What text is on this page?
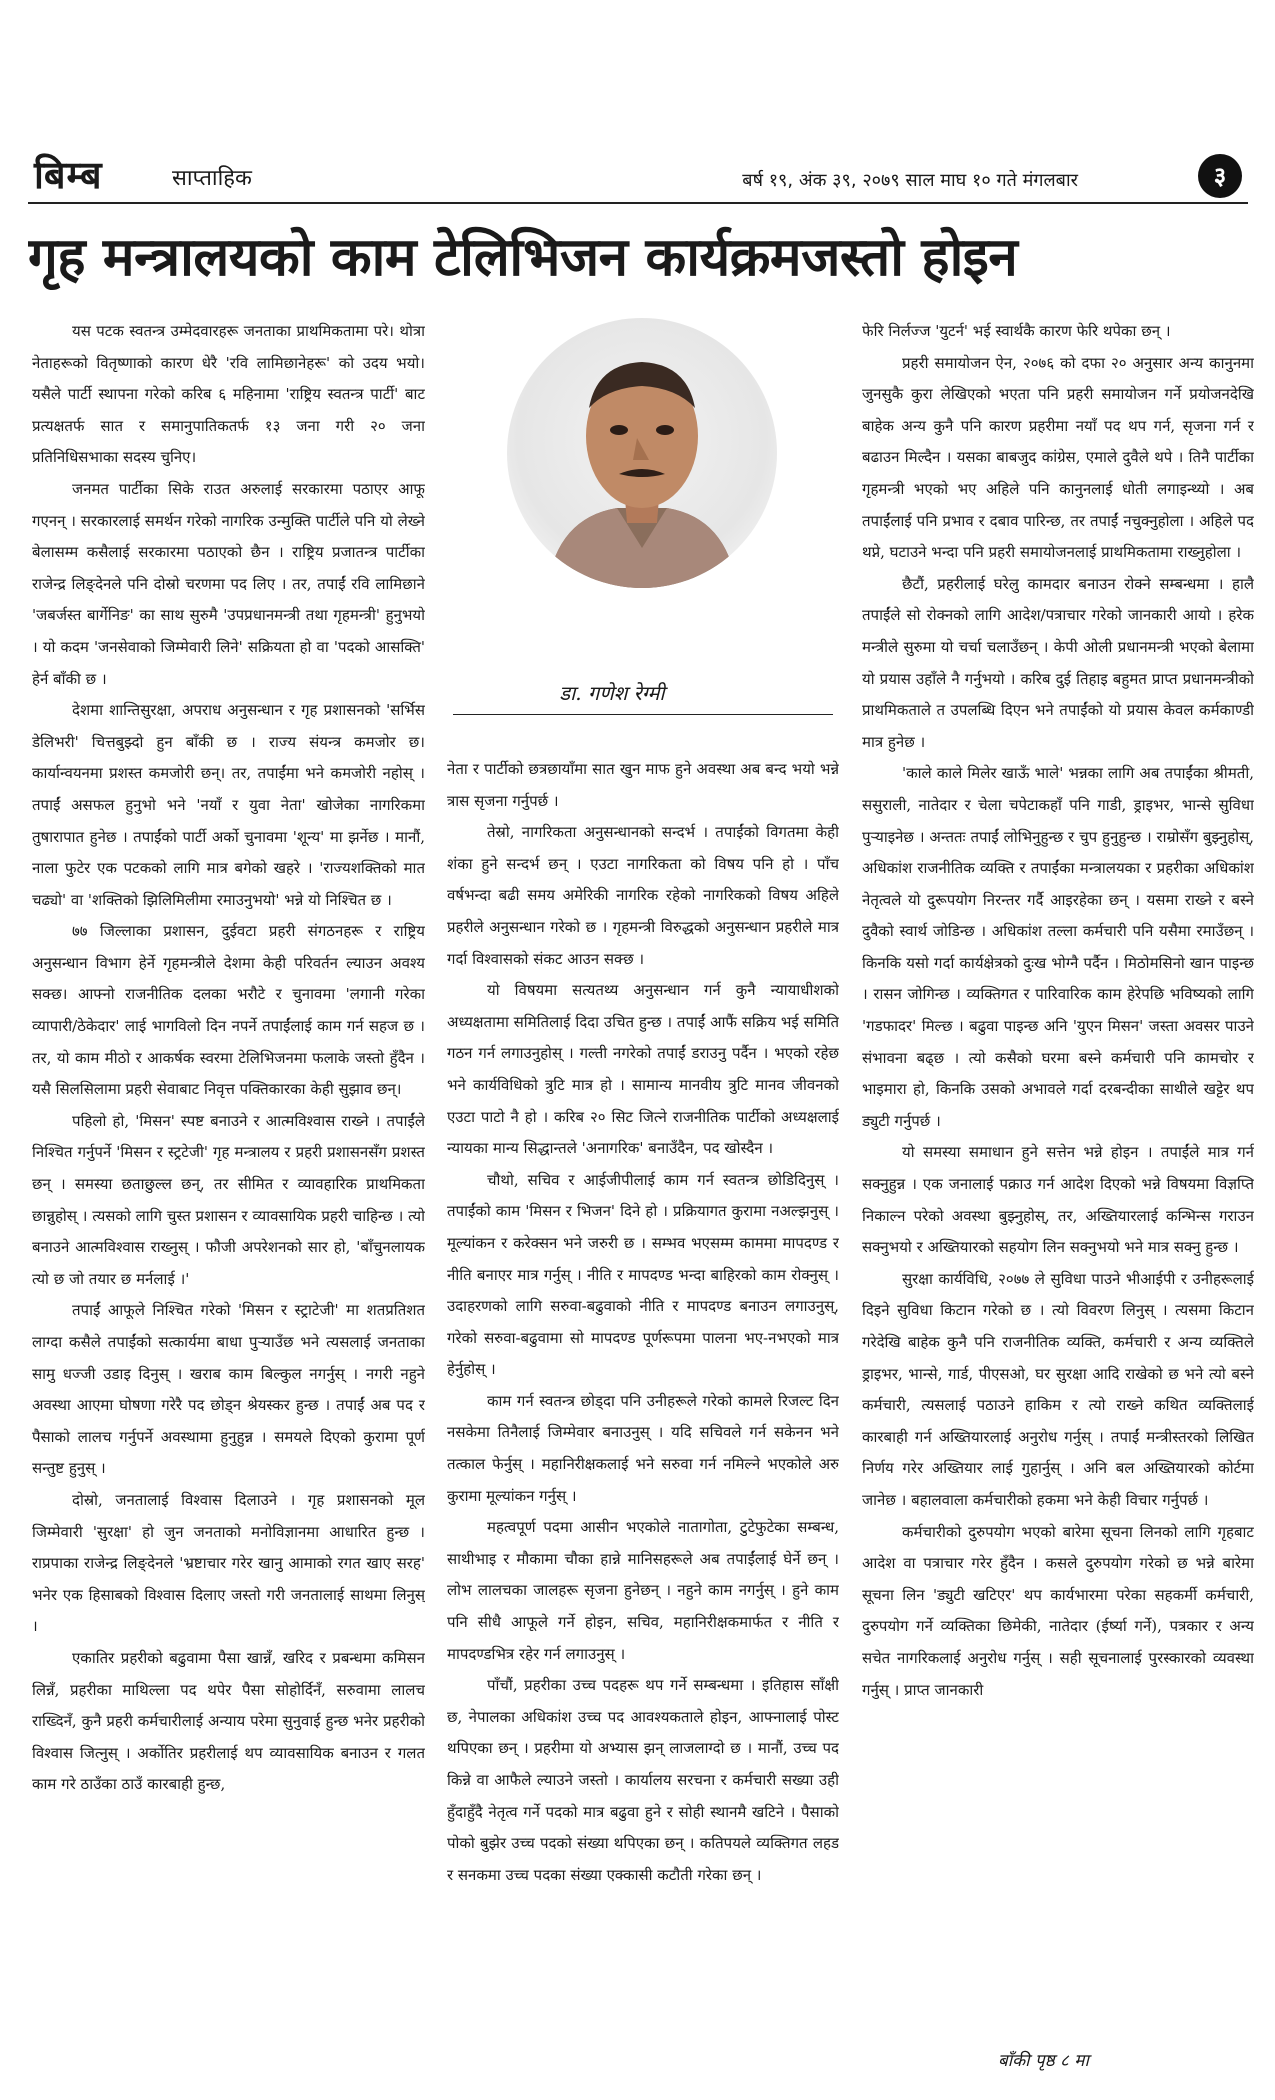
बिम्ब	साप्ताहिक	बर्ष १९, अंक ३९, २०७९ साल माघ १० गते मंगलबार	३
गृह मन्त्रालयको काम टेलिभिजन कार्यक्रमजस्तो होइन

यस पटक स्वतन्त्र उम्मेदवारहरू जनताका प्राथमिकतामा परे। थोत्रा नेताहरूको वितृष्णाको कारण धेरै 'रवि लामिछानेहरू' को उदय भयो। यसैले पार्टी स्थापना गरेको करिब ६ महिनामा 'राष्ट्रिय स्वतन्त्र पार्टी' बाट प्रत्यक्षतर्फ सात र समानुपातिकतर्फ १३ जना गरी २० जना प्रतिनिधिसभाका सदस्य चुनिए।

जनमत पार्टीका सिके राउत अरुलाई सरकारमा पठाएर आफू गएनन् । सरकारलाई समर्थन गरेको नागरिक उन्मुक्ति पार्टीले पनि यो लेख्ने बेलासम्म कसैलाई सरकारमा पठाएको छैन । राष्ट्रिय प्रजातन्त्र पार्टीका राजेन्द्र लिङ्देनले पनि दोस्रो चरणमा पद लिए । तर, तपाईं रवि लामिछाने 'जबर्जस्त बार्गेनिङ' का साथ सुरुमै 'उपप्रधानमन्त्री तथा गृहमन्त्री' हुनुभयो । यो कदम 'जनसेवाको जिम्मेवारी लिने' सक्रियता हो वा 'पदको आसक्ति' हेर्न बाँकी छ ।

देशमा शान्तिसुरक्षा, अपराध अनुसन्धान र गृह प्रशासनको 'सर्भिस डेलिभरी' चित्तबुझ्दो हुन बाँकी छ । राज्य संयन्त्र कमजोर छ। कार्यान्वयनमा प्रशस्त कमजोरी छन्। तर, तपाईंमा भने कमजोरी नहोस् । तपाईं असफल हुनुभो भने 'नयाँ र युवा नेता' खोजेका नागरिकमा तुषारापात हुनेछ । तपाईंको पार्टी अर्को चुनावमा 'शून्य' मा झर्नेछ । मानौं, नाला फुटेर एक पटकको लागि मात्र बगेको खहरे । 'राज्यशक्तिको मात चढ्यो' वा 'शक्तिको झिलिमिलीमा रमाउनुभयो' भन्ने यो निश्चित छ ।

७७ जिल्लाका प्रशासन, दुईवटा प्रहरी संगठनहरू र राष्ट्रिय अनुसन्धान विभाग हेर्ने गृहमन्त्रीले देशमा केही परिवर्तन ल्याउन अवश्य सक्छ। आफ्नो राजनीतिक दलका भरौटे र चुनावमा 'लगानी गरेका व्यापारी/ठेकेदार' लाई भागविलो दिन नपर्ने तपाईंलाई काम गर्न सहज छ । तर, यो काम मीठो र आकर्षक स्वरमा टेलिभिजनमा फलाके जस्तो हुँदैन । यसै सिलसिलामा प्रहरी सेवाबाट निवृत्त पक्तिकारका केही सुझाव छन्।

पहिलो हो, 'मिसन' स्पष्ट बनाउने र आत्मविश्वास राख्ने । तपाईंले निश्चित गर्नुपर्ने 'मिसन र स्ट्रटेजी' गृह मन्त्रालय र प्रहरी प्रशासनसँग प्रशस्त छन् । समस्या छताछुल्ल छन्, तर सीमित र व्यावहारिक प्राथमिकता छान्नुहोस् । त्यसको लागि चुस्त प्रशासन र व्यावसायिक प्रहरी चाहिन्छ । त्यो बनाउने आत्मविश्वास राख्नुस् । फौजी अपरेशनको सार हो, 'बाँचुनलायक त्यो छ जो तयार छ मर्नलाई ।'

तपाईं आफूले निश्चित गरेको 'मिसन र स्ट्राटेजी' मा शतप्रतिशत लाग्दा कसैले तपाईंको सत्कार्यमा बाधा पुऱ्याउँछ भने त्यसलाई जनताका सामु धज्जी उडाइ दिनुस् । खराब काम बिल्कुल नगर्नुस् । नगरी नहुने अवस्था आएमा घोषणा गरेरै पद छोड्न श्रेयस्कर हुन्छ । तपाईं अब पद र पैसाको लालच गर्नुपर्ने अवस्थामा हुनुहुन्न । समयले दिएको कुरामा पूर्ण सन्तुष्ट हुनुस् ।

दोस्रो, जनतालाई विश्वास दिलाउने । गृह प्रशासनको मूल जिम्मेवारी 'सुरक्षा' हो जुन जनताको मनोविज्ञानमा आधारित हुन्छ । राप्रपाका राजेन्द्र लिङ्देनले 'भ्रष्टाचार गरेर खानु आमाको रगत खाए सरह' भनेर एक हिसाबको विश्वास दिलाए जस्तो गरी जनतालाई साथमा लिनुस् ।

एकातिर प्रहरीको बढुवामा पैसा खान्नँ, खरिद र प्रबन्धमा कमिसन लिन्नँ, प्रहरीका माथिल्ला पद थपेर पैसा सोहोर्दिनँ, सरुवामा लालच राख्दिनँ, कुनै प्रहरी कर्मचारीलाई अन्याय परेमा सुनुवाई हुन्छ भनेर प्रहरीको विश्वास जित्नुस् । अर्कोतिर प्रहरीलाई थप व्यावसायिक बनाउन र गलत काम गरे ठाउँका ठाउँ कारबाही हुन्छ,

डा. गणेश रेग्मी

नेता र पार्टीको छत्रछायाँमा सात खुन माफ हुने अवस्था अब बन्द भयो भन्ने त्रास सृजना गर्नुपर्छ ।

तेस्रो, नागरिकता अनुसन्धानको सन्दर्भ । तपाईंको विगतमा केही शंका हुने सन्दर्भ छन् । एउटा नागरिकता को विषय पनि हो । पाँच वर्षभन्दा बढी समय अमेरिकी नागरिक रहेको नागरिकको विषय अहिले प्रहरीले अनुसन्धान गरेको छ । गृहमन्त्री विरुद्धको अनुसन्धान प्रहरीले मात्र गर्दा विश्वासको संकट आउन सक्छ ।

यो विषयमा सत्यतथ्य अनुसन्धान गर्न कुनै न्यायाधीशको अध्यक्षतामा समितिलाई दिदा उचित हुन्छ । तपाईं आफैं सक्रिय भई समिति गठन गर्न लगाउनुहोस् । गल्ती नगरेको तपाईं डराउनु पर्दैन । भएको रहेछ भने कार्यविधिको त्रुटि मात्र हो । सामान्य मानवीय त्रुटि मानव जीवनको एउटा पाटो नै हो । करिब २० सिट जित्ने राजनीतिक पार्टीको अध्यक्षलाई न्यायका मान्य सिद्धान्तले 'अनागरिक' बनाउँदैन, पद खोस्दैन ।

चौथो, सचिव र आईजीपीलाई काम गर्न स्वतन्त्र छोडिदिनुस् । तपाईंको काम 'मिसन र भिजन' दिने हो । प्रक्रियागत कुरामा नअल्झनुस् । मूल्यांकन र करेक्सन भने जरुरी छ । सम्भव भएसम्म काममा मापदण्ड र नीति बनाएर मात्र गर्नुस् । नीति र मापदण्ड भन्दा बाहिरको काम रोक्नुस् । उदाहरणको लागि सरुवा-बढुवाको नीति र मापदण्ड बनाउन लगाउनुस्, गरेको सरुवा-बढुवामा सो मापदण्ड पूर्णरूपमा पालना भए-नभएको मात्र हेर्नुहोस् ।

काम गर्न स्वतन्त्र छोड्दा पनि उनीहरूले गरेको कामले रिजल्ट दिन नसकेमा तिनैलाई जिम्मेवार बनाउनुस् । यदि सचिवले गर्न सकेनन भने तत्काल फेर्नुस् । महानिरीक्षकलाई भने सरुवा गर्न नमिल्ने भएकोले अरु कुरामा मूल्यांकन गर्नुस् ।

महत्वपूर्ण पदमा आसीन भएकोले नातागोता, टुटेफुटेका सम्बन्ध, साथीभाइ र मौकामा चौका हान्ने मानिसहरूले अब तपाईंलाई घेर्ने छन् । लोभ लालचका जालहरू सृजना हुनेछन् । नहुने काम नगर्नुस् । हुने काम पनि सीधै आफूले गर्ने होइन, सचिव, महानिरीक्षकमार्फत र नीति र मापदण्डभित्र रहेर गर्न लगाउनुस् ।

पाँचौं, प्रहरीका उच्च पदहरू थप गर्ने सम्बन्धमा । इतिहास साँक्षी छ, नेपालका अधिकांश उच्च पद आवश्यकताले होइन, आफ्नालाई पोस्ट थपिएका छन् । प्रहरीमा यो अभ्यास झन् लाजलाग्दो छ । मानौं, उच्च पद किन्ने वा आफैले ल्याउने जस्तो । कार्यालय सरचना र कर्मचारी सख्या उही हुँदाहुँदै नेतृत्व गर्ने पदको मात्र बढुवा हुने र सोही स्थानमै खटिने । पैसाको पोको बुझेर उच्च पदको संख्या थपिएका छन् । कतिपयले व्यक्तिगत लहड र सनकमा उच्च पदका संख्या एक्कासी कटौती गरेका छन् ।

फेरि निर्लज्ज 'युटर्न' भई स्वार्थकै कारण फेरि थपेका छन् ।

प्रहरी समायोजन ऐन, २०७६ को दफा २० अनुसार अन्य कानुनमा जुनसुकै कुरा लेखिएको भएता पनि प्रहरी समायोजन गर्ने प्रयोजनदेखि बाहेक अन्य कुनै पनि कारण प्रहरीमा नयाँ पद थप गर्न, सृजना गर्न र बढाउन मिल्दैन । यसका बाबजुद कांग्रेस, एमाले दुवैले थपे । तिनै पार्टीका गृहमन्त्री भएको भए अहिले पनि कानुनलाई धोती लगाइन्थ्यो । अब तपाईंलाई पनि प्रभाव र दबाव पारिन्छ, तर तपाईं नचुक्नुहोला । अहिले पद थप्ने, घटाउने भन्दा पनि प्रहरी समायोजनलाई प्राथमिकतामा राख्नुहोला ।

छैटौं, प्रहरीलाई घरेलु कामदार बनाउन रोक्ने सम्बन्धमा । हालै तपाईंले सो रोक्नको लागि आदेश/पत्राचार गरेको जानकारी आयो । हरेक मन्त्रीले सुरुमा यो चर्चा चलाउँछन् । केपी ओली प्रधानमन्त्री भएको बेलामा यो प्रयास उहाँले नै गर्नुभयो । करिब दुई तिहाइ बहुमत प्राप्त प्रधानमन्त्रीको प्राथमिकताले त उपलब्धि दिएन भने तपाईंको यो प्रयास केवल कर्मकाण्डी मात्र हुनेछ ।

'काले काले मिलेर खाऊँ भाले' भन्नका लागि अब तपाईंका श्रीमती, ससुराली, नातेदार र चेला चपेटाकहाँ पनि गाडी, ड्राइभर, भान्से सुविधा पुऱ्याइनेछ । अन्ततः तपाईं लोभिनुहुन्छ र चुप हुनुहुन्छ । राम्रोसँग बुझ्नुहोस्, अधिकांश राजनीतिक व्यक्ति र तपाईंका मन्त्रालयका र प्रहरीका अधिकांश नेतृत्वले यो दुरूपयोग निरन्तर गर्दै आइरहेका छन् । यसमा राख्ने र बस्ने दुवैको स्वार्थ जोडिन्छ । अधिकांश तल्ला कर्मचारी पनि यसैमा रमाउँछन् । किनकि यसो गर्दा कार्यक्षेत्रको दुःख भोग्नै पर्दैन । मिठोमसिनो खान पाइन्छ । रासन जोगिन्छ । व्यक्तिगत र पारिवारिक काम हेरेपछि भविष्यको लागि 'गडफादर' मिल्छ । बढुवा पाइन्छ अनि 'युएन मिसन' जस्ता अवसर पाउने संभावना बढ्छ । त्यो कसैको घरमा बस्ने कर्मचारी पनि कामचोर र भाइमारा हो, किनकि उसको अभावले गर्दा दरबन्दीका साथीले खट्टेर थप ड्युटी गर्नुपर्छ ।

यो समस्या समाधान हुने सत्तेन भन्ने होइन । तपाईंले मात्र गर्न सक्नुहुन्न । एक जनालाई पक्राउ गर्न आदेश दिएको भन्ने विषयमा विज्ञप्ति निकाल्न परेको अवस्था बुझ्नुहोस्, तर, अख्तियारलाई कन्भिन्स गराउन सक्नुभयो र अख्तियारको सहयोग लिन सक्नुभयो भने मात्र सक्नु हुन्छ ।

सुरक्षा कार्यविधि, २०७७ ले सुविधा पाउने भीआईपी र उनीहरूलाई दिइने सुविधा किटान गरेको छ । त्यो विवरण लिनुस् । त्यसमा किटान गरेदेखि बाहेक कुनै पनि राजनीतिक व्यक्ति, कर्मचारी र अन्य व्यक्तिले ड्राइभर, भान्से, गार्ड, पीएसओ, घर सुरक्षा आदि राखेको छ भने त्यो बस्ने कर्मचारी, त्यसलाई पठाउने हाकिम र त्यो राख्ने कथित व्यक्तिलाई कारबाही गर्न अख्तियारलाई अनुरोध गर्नुस् । तपाईं मन्त्रीस्तरको लिखित निर्णय गरेर अख्तियार लाई गुहार्नुस् । अनि बल अख्तियारको कोर्टमा जानेछ । बहालवाला कर्मचारीको हकमा भने केही विचार गर्नुपर्छ ।

कर्मचारीको दुरुपयोग भएको बारेमा सूचना लिनको लागि गृहबाट आदेश वा पत्राचार गरेर हुँदैन । कसले दुरुपयोग गरेको छ भन्ने बारेमा सूचना लिन 'ड्युटी खटिएर' थप कार्यभारमा परेका सहकर्मी कर्मचारी, दुरुपयोग गर्ने व्यक्तिका छिमेकी, नातेदार (ईर्ष्या गर्ने), पत्रकार र अन्य सचेत नागरिकलाई अनुरोध गर्नुस् । सही सूचनालाई पुरस्कारको व्यवस्था गर्नुस् । प्राप्त जानकारी

बाँकी पृष्ठ ८ मा
